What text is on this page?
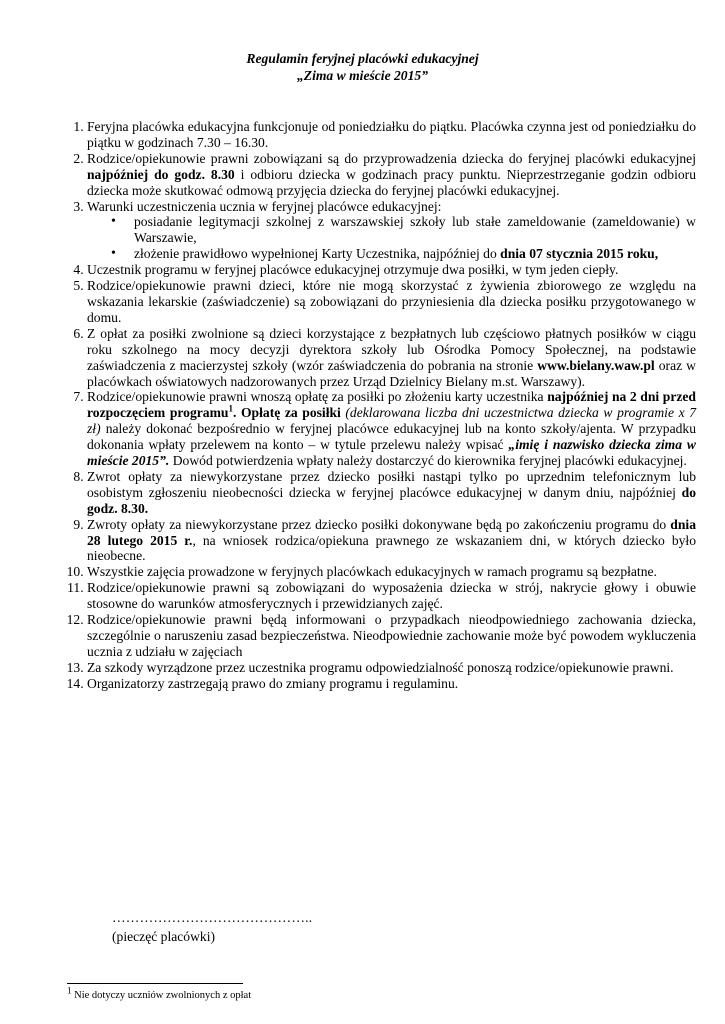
Regulamin feryjnej placówki edukacyjnej
„Zima w mieście 2015”
1. Feryjna placówka edukacyjna funkcjonuje od poniedziałku do piątku. Placówka czynna jest od poniedziałku do piątku w godzinach 7.30 – 16.30.
2. Rodzice/opiekunowie prawni zobowiązani są do przyprowadzenia dziecka do feryjnej placówki edukacyjnej najpóźniej do godz. 8.30 i odbioru dziecka w godzinach pracy punktu. Nieprzestrzeganie godzin odbioru dziecka może skutkować odmową przyjęcia dziecka do feryjnej placówki edukacyjnej.
3. Warunki uczestniczenia ucznia w feryjnej placówce edukacyjnej:
• posiadanie legitymacji szkolnej z warszawskiej szkoły lub stałe zameldowanie (zameldowanie) w Warszawie,
• złożenie prawidłowo wypełnionej Karty Uczestnika, najpóźniej do dnia 07 stycznia 2015 roku,
4. Uczestnik programu w feryjnej placówce edukacyjnej otrzymuje dwa posiłki, w tym jeden ciepły.
5. Rodzice/opiekunowie prawni dzieci, które nie mogą skorzystać z żywienia zbiorowego ze względu na wskazania lekarskie (zaświadczenie) są zobowiązani do przyniesienia dla dziecka posiłku przygotowanego w domu.
6. Z opłat za posiłki zwolnione są dzieci korzystające z bezpłatnych lub częściowo płatnych posiłków w ciągu roku szkolnego na mocy decyzji dyrektora szkoły lub Ośrodka Pomocy Społecznej, na podstawie zaświadczenia z macierzystej szkoły (wzór zaświadczenia do pobrania na stronie www.bielany.waw.pl oraz w placówkach oświatowych nadzorowanych przez Urząd Dzielnicy Bielany m.st. Warszawy).
7. Rodzice/opiekunowie prawni wnoszą opłatę za posiłki po złożeniu karty uczestnika najpóźniej na 2 dni przed rozpoczęciem programu$^1$. Opłatę za posiłki (deklarowana liczba dni uczestnictwa dziecka w programie x 7 zł) należy dokonać bezpośrednio w feryjnej placówce edukacyjnej lub na konto szkoły/ajenta. W przypadku dokonania wpłaty przelewem na konto – w tytule przelewu należy wpisać „imię i nazwisko dziecka zima w mieście 2015”. Dowód potwierdzenia wpłaty należy dostarczyć do kierownika feryjnej placówki edukacyjnej.
8. Zwrot opłaty za niewykorzystane przez dziecko posiłki nastąpi tylko po uprzednim telefonicznym lub osobistym zgłoszeniu nieobecności dziecka w feryjnej placówce edukacyjnej w danym dniu, najpóźniej do godz. 8.30.
9. Zwroty opłaty za niewykorzystane przez dziecko posiłki dokonywane będą po zakończeniu programu do dnia 28 lutego 2015 r., na wniosek rodzica/opiekuna prawnego ze wskazaniem dni, w których dziecko było nieobecne.
10. Wszystkie zajęcia prowadzone w feryjnych placówkach edukacyjnych w ramach programu są bezpłatne.
11. Rodzice/opiekunowie prawni są zobowiązani do wyposażenia dziecka w strój, nakrycie głowy i obuwie stosowne do warunków atmosferycznych i przewidzianych zajęć.
12. Rodzice/opiekunowie prawni będą informowani o przypadkach nieodpowiedniego zachowania dziecka, szczególnie o naruszeniu zasad bezpieczeństwa. Nieodpowiednie zachowanie może być powodem wykluczenia ucznia z udziału w zajęciach
13. Za szkody wyrządzone przez uczestnika programu odpowiedzialność ponoszą rodzice/opiekunowie prawni.
14. Organizatorzy zastrzegają prawo do zmiany programu i regulaminu.
……………………………………..
(pieczęć placówki)
$^1$ Nie dotyczy uczniów zwolnionych z opłat
